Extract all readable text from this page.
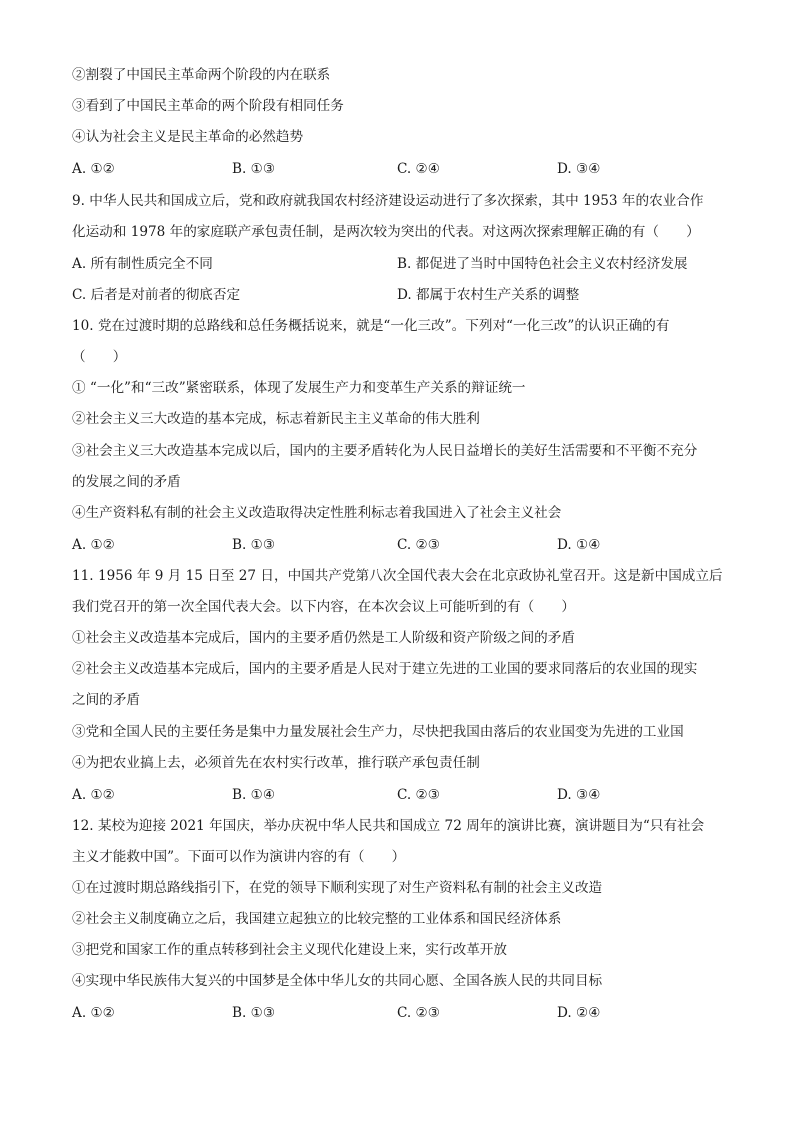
②割裂了中国民主革命两个阶段的内在联系
③看到了中国民主革命的两个阶段有相同任务
④认为社会主义是民主革命的必然趋势
A. ①②	B. ①③	C. ②④	D. ③④
9. 中华人民共和国成立后，党和政府就我国农村经济建设运动进行了多次探索，其中 1953 年的农业合作
化运动和 1978 年的家庭联产承包责任制，是两次较为突出的代表。对这两次探索理解正确的有（　　）
A. 所有制性质完全不同	B. 都促进了当时中国特色社会主义农村经济发展
C. 后者是对前者的彻底否定	D. 都属于农村生产关系的调整
10. 党在过渡时期的总路线和总任务概括说来，就是“一化三改”。下列对“一化三改”的认识正确的有
（　　）
① “一化”和“三改”紧密联系，体现了发展生产力和变革生产关系的辩证统一
②社会主义三大改造的基本完成，标志着新民主主义革命的伟大胜利
③社会主义三大改造基本完成以后，国内的主要矛盾转化为人民日益增长的美好生活需要和不平衡不充分
的发展之间的矛盾
④生产资料私有制的社会主义改造取得决定性胜利标志着我国进入了社会主义社会
A. ①②	B. ①③	C. ②③	D. ①④
11. 1956 年 9 月 15 日至 27 日，中国共产党第八次全国代表大会在北京政协礼堂召开。这是新中国成立后
我们党召开的第一次全国代表大会。以下内容，在本次会议上可能听到的有（　　）
①社会主义改造基本完成后，国内的主要矛盾仍然是工人阶级和资产阶级之间的矛盾
②社会主义改造基本完成后，国内的主要矛盾是人民对于建立先进的工业国的要求同落后的农业国的现实
之间的矛盾
③党和全国人民的主要任务是集中力量发展社会生产力，尽快把我国由落后的农业国变为先进的工业国
④为把农业搞上去，必须首先在农村实行改革，推行联产承包责任制
A. ①②	B. ①④	C. ②③	D. ③④
12. 某校为迎接 2021 年国庆，举办庆祝中华人民共和国成立 72 周年的演讲比赛，演讲题目为“只有社会
主义才能救中国”。下面可以作为演讲内容的有（　　）
①在过渡时期总路线指引下，在党的领导下顺利实现了对生产资料私有制的社会主义改造
②社会主义制度确立之后，我国建立起独立的比较完整的工业体系和国民经济体系
③把党和国家工作的重点转移到社会主义现代化建设上来，实行改革开放
④实现中华民族伟大复兴的中国梦是全体中华儿女的共同心愿、全国各族人民的共同目标
A. ①②	B. ①③	C. ②③	D. ②④
